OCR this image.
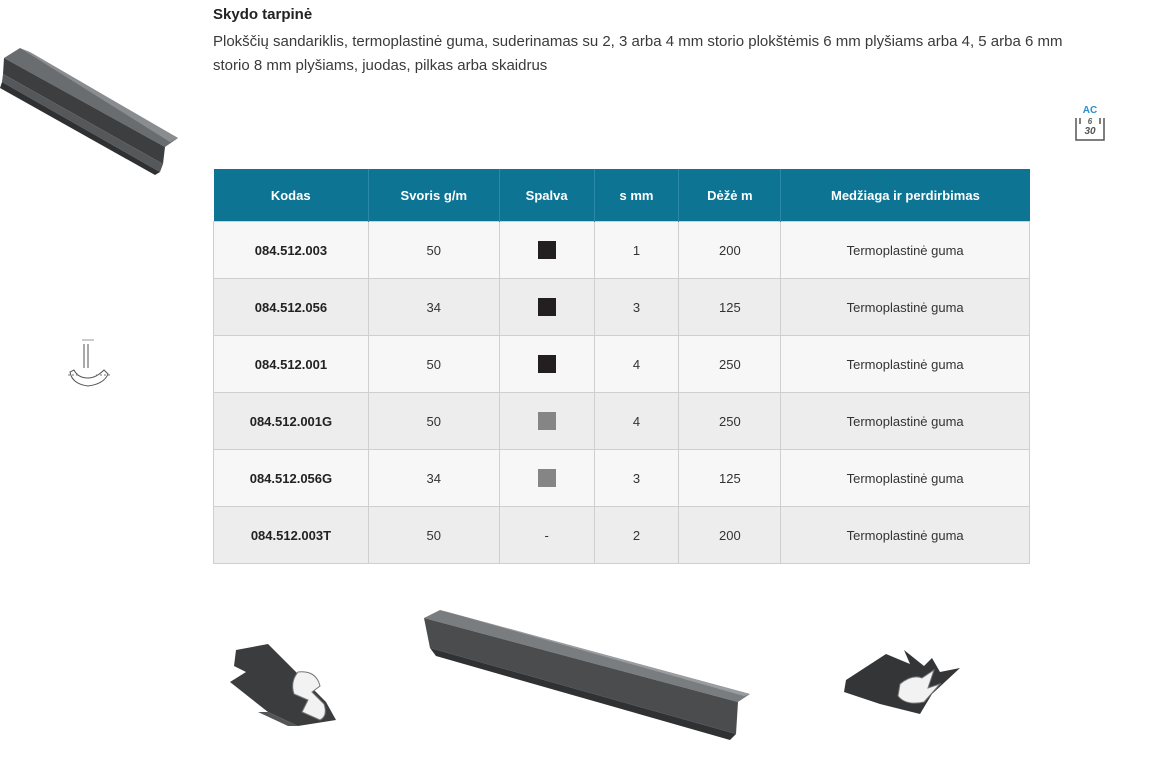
AC
6
30
Skydo tarpinė
Plokščių sandariklis, termoplastinė guma, suderinamas su 2, 3 arba 4 mm storio plokštėmis 6 mm plyšiams arba 4, 5 arba 6 mm storio 8 mm plyšiams, juodas, pilkas arba skaidrus
Kodas	Svoris g/m	Spalva	s mm	Dėžė m	Medžiaga ir perdirbimas
084.512.003	50		1	200	Termoplastinė guma
084.512.056	34		3	125	Termoplastinė guma
084.512.001	50		4	250	Termoplastinė guma
084.512.001G	50		4	250	Termoplastinė guma
084.512.056G	34		3	125	Termoplastinė guma
084.512.003T	50	-	2	200	Termoplastinė guma
